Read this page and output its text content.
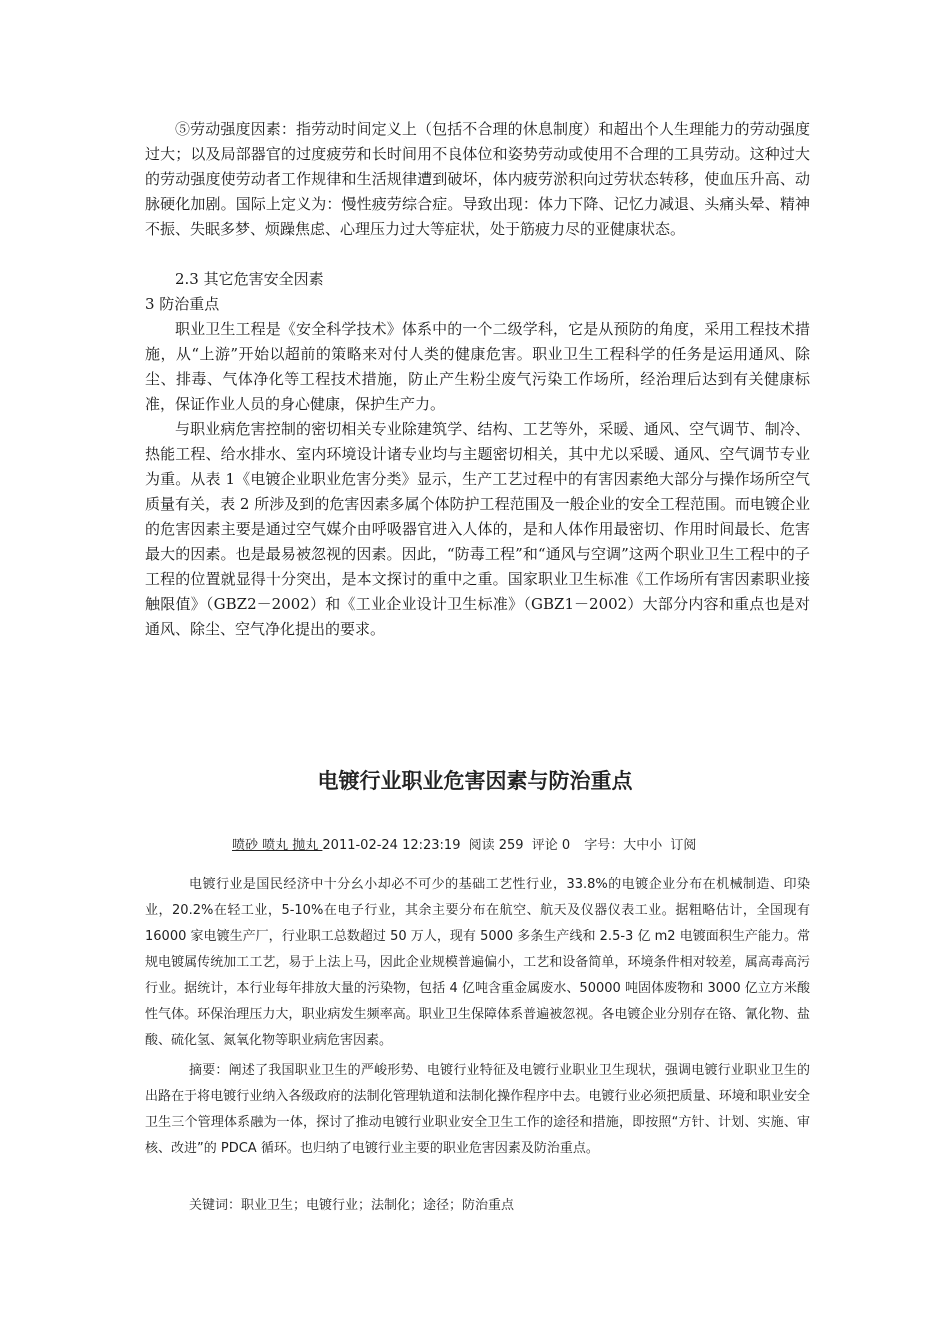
⑤劳动强度因素：指劳动时间定义上（包括不合理的休息制度）和超出个人生理能力的劳动强度过大；以及局部器官的过度疲劳和长时间用不良体位和姿势劳动或使用不合理的工具劳动。这种过大的劳动强度使劳动者工作规律和生活规律遭到破坏，体内疲劳淤积向过劳状态转移，使血压升高、动脉硬化加剧。国际上定义为：慢性疲劳综合症。导致出现：体力下降、记忆力减退、头痛头晕、精神不振、失眠多梦、烦躁焦虑、心理压力过大等症状，处于筋疲力尽的亚健康状态。

2.3 其它危害安全因素

3 防治重点

职业卫生工程是《安全科学技术》体系中的一个二级学科，它是从预防的角度，采用工程技术措施，从“上游”开始以超前的策略来对付人类的健康危害。职业卫生工程科学的任务是运用通风、除尘、排毒、气体净化等工程技术措施，防止产生粉尘废气污染工作场所，经治理后达到有关健康标准，保证作业人员的身心健康，保护生产力。

与职业病危害控制的密切相关专业除建筑学、结构、工艺等外，采暖、通风、空气调节、制冷、热能工程、给水排水、室内环境设计诸专业均与主题密切相关，其中尤以采暖、通风、空气调节专业为重。从表 1《电镀企业职业危害分类》显示，生产工艺过程中的有害因素绝大部分与操作场所空气质量有关，表 2 所涉及到的危害因素多属个体防护工程范围及一般企业的安全工程范围。而电镀企业的危害因素主要是通过空气媒介由呼吸器官进入人体的，是和人体作用最密切、作用时间最长、危害最大的因素。也是最易被忽视的因素。因此，“防毒工程”和“通风与空调”这两个职业卫生工程中的子工程的位置就显得十分突出，是本文探讨的重中之重。国家职业卫生标准《工作场所有害因素职业接触限值》（GBZ2－2002）和《工业企业设计卫生标准》（GBZ1－2002）大部分内容和重点也是对通风、除尘、空气净化提出的要求。

电镀行业职业危害因素与防治重点
喷砂 喷丸 抛丸 2011-02-24 12:23:19 阅读 259 评论 0 字号：大中小 订阅

电镀行业是国民经济中十分幺小却必不可少的基础工艺性行业，33.8%的电镀企业分布在机械制造、印染业，20.2%在轻工业，5-10%在电子行业，其余主要分布在航空、航天及仪器仪表工业。据粗略估计，全国现有 16000 家电镀生产厂，行业职工总数超过 50 万人，现有 5000 多条生产线和 2.5-3 亿 m2 电镀面积生产能力。常规电镀属传统加工工艺，易于上法上马，因此企业规模普遍偏小，工艺和设备简单，环境条件相对较差，属高毒高污行业。据统计，本行业每年排放大量的污染物，包括 4 亿吨含重金属废水、50000 吨固体废物和 3000 亿立方米酸性气体。环保治理压力大，职业病发生频率高。职业卫生保障体系普遍被忽视。各电镀企业分别存在铬、氰化物、盐酸、硫化氢、氮氧化物等职业病危害因素。

摘要：阐述了我国职业卫生的严峻形势、电镀行业特征及电镀行业职业卫生现状，强调电镀行业职业卫生的出路在于将电镀行业纳入各级政府的法制化管理轨道和法制化操作程序中去。电镀行业必须把质量、环境和职业安全卫生三个管理体系融为一体，探讨了推动电镀行业职业安全卫生工作的途径和措施，即按照“方针、计划、实施、审核、改进”的 PDCA 循环。也归纳了电镀行业主要的职业危害因素及防治重点。

关键词：职业卫生；电镀行业；法制化；途径；防治重点
